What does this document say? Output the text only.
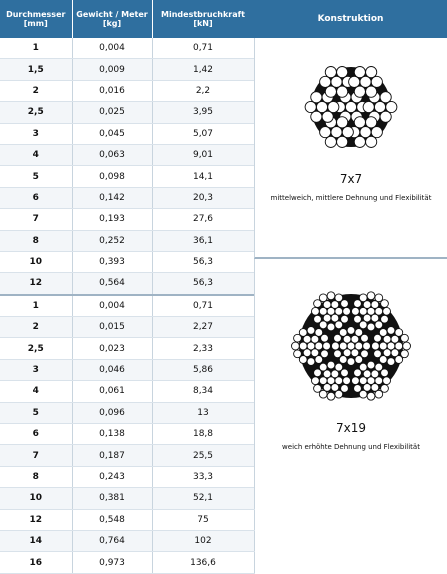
Durchmesser [mm]	Gewicht / Meter [kg]	Mindestbruchkraft [kN]
1	0,004	0,71
1,5	0,009	1,42
2	0,016	2,2
2,5	0,025	3,95
3	0,045	5,07
4	0,063	9,01
5	0,098	14,1
6	0,142	20,3
7	0,193	27,6
8	0,252	36,1
10	0,393	56,3
12	0,564	56,3
1	0,004	0,71
2	0,015	2,27
2,5	0,023	2,33
3	0,046	5,86
4	0,061	8,34
5	0,096	13
6	0,138	18,8
7	0,187	25,5
8	0,243	33,3
10	0,381	52,1
12	0,548	75
14	0,764	102
16	0,973	136,6
Konstruktion
7x7
mittelweich, mittlere Dehnung und Flexibilität
7x19
weich erhöhte Dehnung und Flexibilität
